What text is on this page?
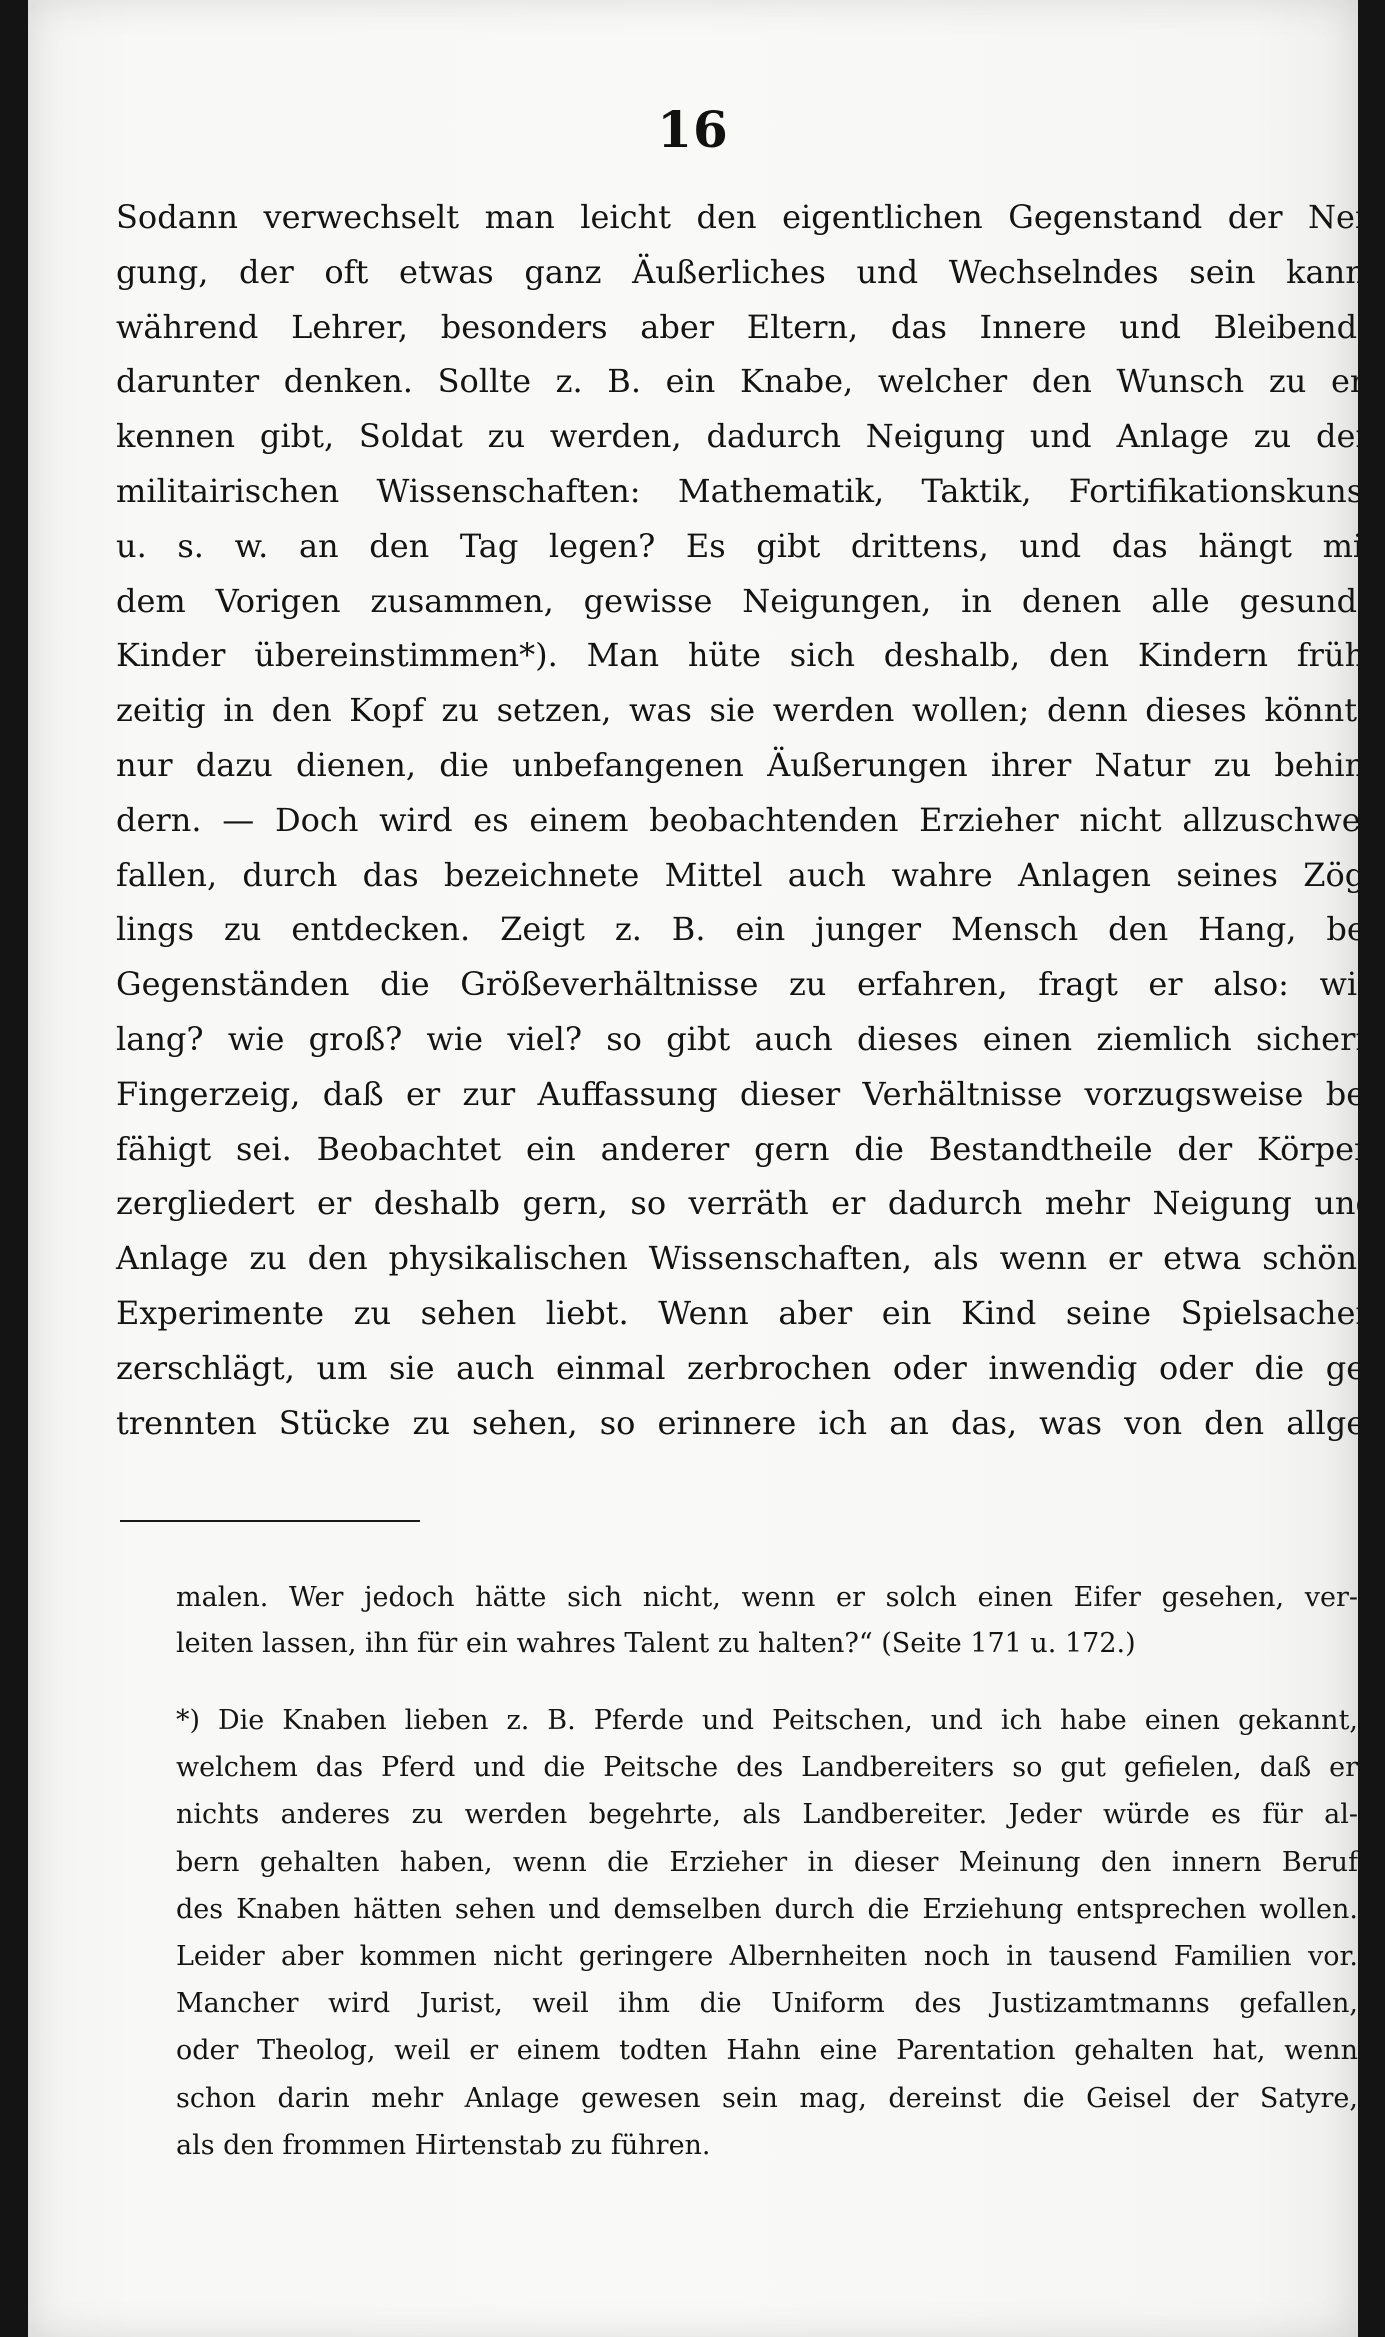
16
Sodann verwechselt man leicht den eigentlichen Gegenstand der Nei-
gung, der oft etwas ganz Äußerliches und Wechselndes sein kann,
während Lehrer, besonders aber Eltern, das Innere und Bleibende
darunter denken. Sollte z. B. ein Knabe, welcher den Wunsch zu er-
kennen gibt, Soldat zu werden, dadurch Neigung und Anlage zu den
militairischen Wissenschaften: Mathematik, Taktik, Fortifikationskunst
u. s. w. an den Tag legen? Es gibt drittens, und das hängt mit
dem Vorigen zusammen, gewisse Neigungen, in denen alle gesunde
Kinder übereinstimmen*). Man hüte sich deshalb, den Kindern früh-
zeitig in den Kopf zu setzen, was sie werden wollen; denn dieses könnte
nur dazu dienen, die unbefangenen Äußerungen ihrer Natur zu behin-
dern. — Doch wird es einem beobachtenden Erzieher nicht allzuschwer
fallen, durch das bezeichnete Mittel auch wahre Anlagen seines Zög-
lings zu entdecken. Zeigt z. B. ein junger Mensch den Hang, bei
Gegenständen die Größeverhältnisse zu erfahren, fragt er also: wie
lang? wie groß? wie viel? so gibt auch dieses einen ziemlich sichern
Fingerzeig, daß er zur Auffassung dieser Verhältnisse vorzugsweise be-
fähigt sei. Beobachtet ein anderer gern die Bestandtheile der Körper,
zergliedert er deshalb gern, so verräth er dadurch mehr Neigung und
Anlage zu den physikalischen Wissenschaften, als wenn er etwa schöne
Experimente zu sehen liebt. Wenn aber ein Kind seine Spielsachen
zerschlägt, um sie auch einmal zerbrochen oder inwendig oder die ge-
trennten Stücke zu sehen, so erinnere ich an das, was von den allge-
malen. Wer jedoch hätte sich nicht, wenn er solch einen Eifer gesehen, ver-
leiten lassen, ihn für ein wahres Talent zu halten?“ (Seite 171 u. 172.)
*) Die Knaben lieben z. B. Pferde und Peitschen, und ich habe einen gekannt,
welchem das Pferd und die Peitsche des Landbereiters so gut gefielen, daß er
nichts anderes zu werden begehrte, als Landbereiter. Jeder würde es für al-
bern gehalten haben, wenn die Erzieher in dieser Meinung den innern Beruf
des Knaben hätten sehen und demselben durch die Erziehung entsprechen wollen.
Leider aber kommen nicht geringere Albernheiten noch in tausend Familien vor.
Mancher wird Jurist, weil ihm die Uniform des Justizamtmanns gefallen,
oder Theolog, weil er einem todten Hahn eine Parentation gehalten hat, wenn
schon darin mehr Anlage gewesen sein mag, dereinst die Geisel der Satyre,
als den frommen Hirtenstab zu führen.
